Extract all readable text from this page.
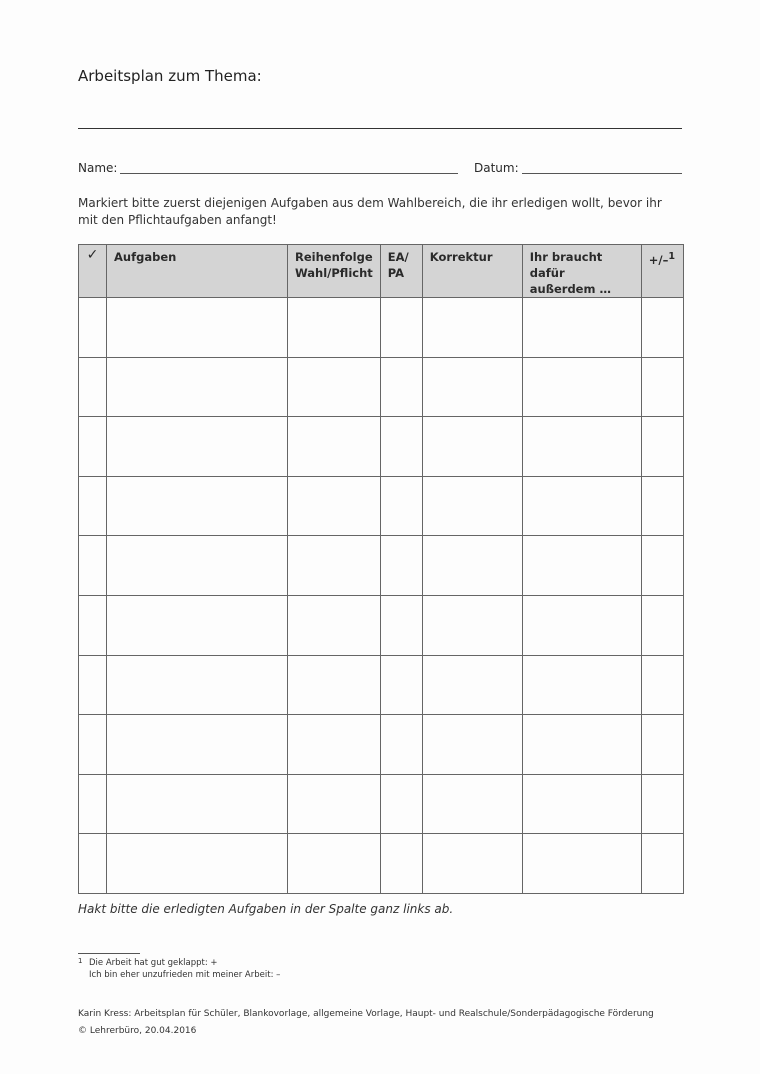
Arbeitsplan zum Thema:
Name:	Datum:
Markiert bitte zuerst diejenigen Aufgaben aus dem Wahlbereich, die ihr erledigen wollt, bevor ihr mit den Pflichtaufgaben anfangt!
✓	Aufgaben	Reihenfolge Wahl/Pflicht	EA/ PA	Korrektur	Ihr braucht dafür außerdem …	+/–$^1$

Hakt bitte die erledigten Aufgaben in der Spalte ganz links ab.
1 Die Arbeit hat gut geklappt: +
Ich bin eher unzufrieden mit meiner Arbeit: –
Karin Kress: Arbeitsplan für Schüler, Blankovorlage, allgemeine Vorlage, Haupt- und Realschule/Sonderpädagogische Förderung
© Lehrerbüro, 20.04.2016
